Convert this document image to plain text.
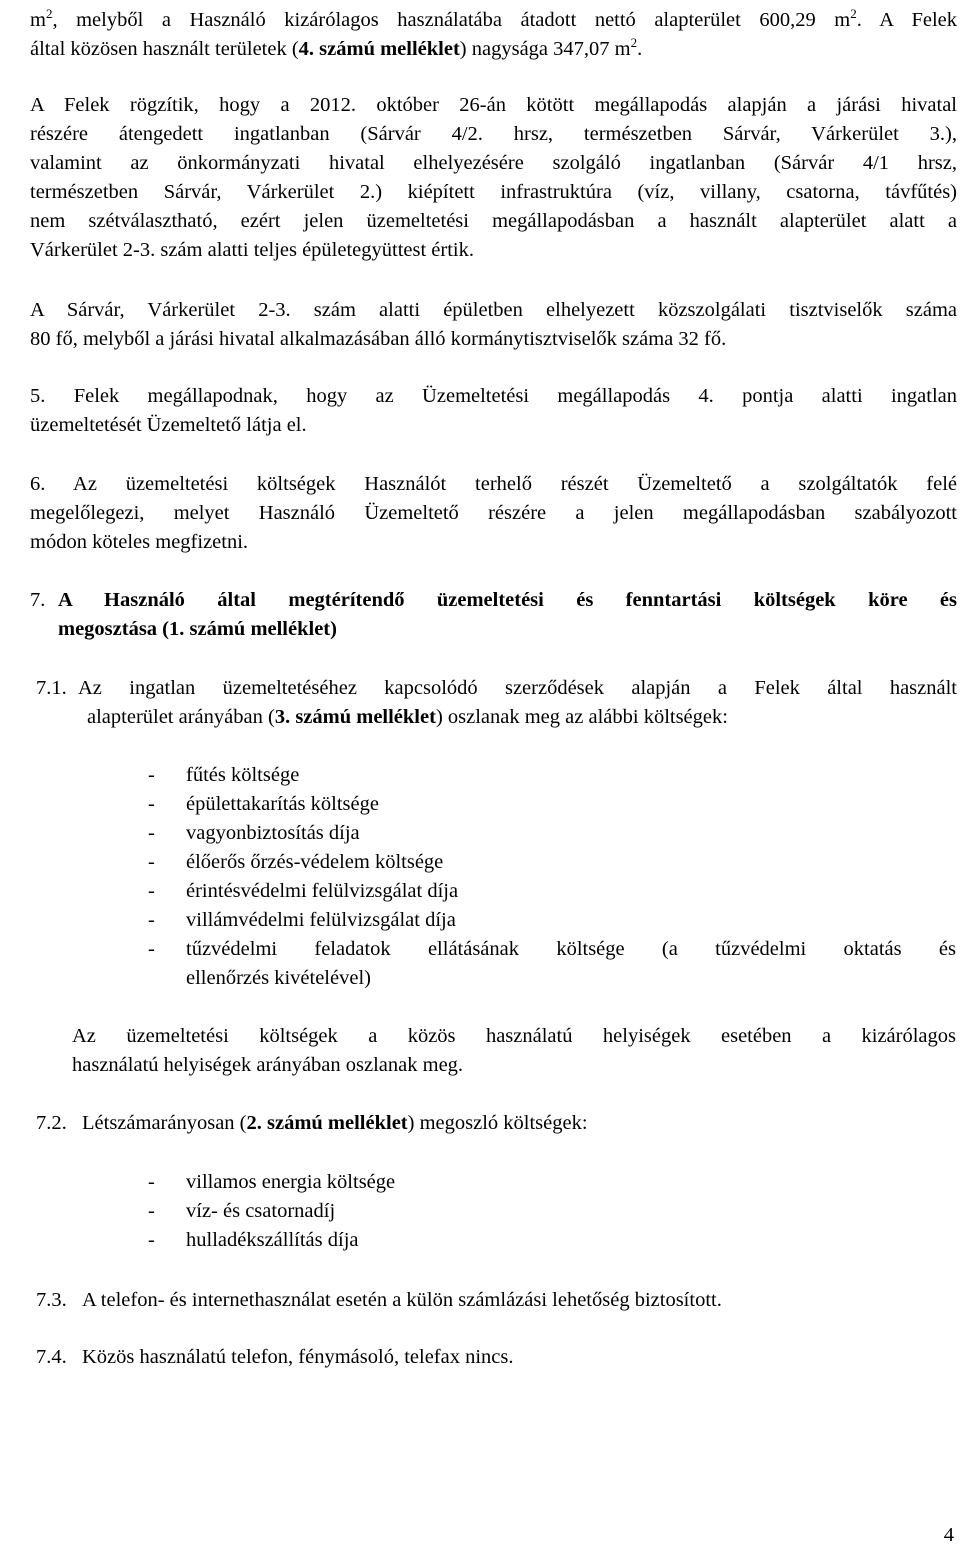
$m^2$, melyből a Használó kizárólagos használatába átadott nettó alapterület 600,29 $m^2$. A Felek
által közösen használt területek (4. számú melléklet) nagysága 347,07 $m^2$.
A Felek rögzítik, hogy a 2012. október 26-án kötött megállapodás alapján a járási hivatal
részére átengedett ingatlanban (Sárvár 4/2. hrsz, természetben Sárvár, Várkerület 3.),
valamint az önkormányzati hivatal elhelyezésére szolgáló ingatlanban (Sárvár 4/1 hrsz,
természetben Sárvár, Várkerület 2.) kiépített infrastruktúra (víz, villany, csatorna, távfűtés)
nem szétválasztható, ezért jelen üzemeltetési megállapodásban a használt alapterület alatt a
Várkerület 2-3. szám alatti teljes épületegyüttest értik.
A Sárvár, Várkerület 2-3. szám alatti épületben elhelyezett közszolgálati tisztviselők száma
80 fő, melyből a járási hivatal alkalmazásában álló kormánytisztviselők száma 32 fő.
5. Felek megállapodnak, hogy az Üzemeltetési megállapodás 4. pontja alatti ingatlan
üzemeltetését Üzemeltető látja el.
6. Az üzemeltetési költségek Használót terhelő részét Üzemeltető a szolgáltatók felé
megelőlegezi, melyet Használó Üzemeltető részére a jelen megállapodásban szabályozott
módon köteles megfizetni.
7. A Használó által megtérítendő üzemeltetési és fenntartási költségek köre és
megosztása (1. számú melléklet)
7.1. Az ingatlan üzemeltetéséhez kapcsolódó szerződések alapján a Felek által használt
alapterület arányában (3. számú melléklet) oszlanak meg az alábbi költségek:
- fűtés költsége
- épülettakarítás költsége
- vagyonbiztosítás díja
- élőerős őrzés-védelem költsége
- érintésvédelmi felülvizsgálat díja
- villámvédelmi felülvizsgálat díja
- tűzvédelmi feladatok ellátásának költsége (a tűzvédelmi oktatás és
ellenőrzés kivételével)
Az üzemeltetési költségek a közös használatú helyiségek esetében a kizárólagos
használatú helyiségek arányában oszlanak meg.
7.2. Létszámarányosan (2. számú melléklet) megoszló költségek:
- villamos energia költsége
- víz- és csatornadíj
- hulladékszállítás díja
7.3. A telefon- és internethasználat esetén a külön számlázási lehetőség biztosított.
7.4. Közös használatú telefon, fénymásoló, telefax nincs.
4
